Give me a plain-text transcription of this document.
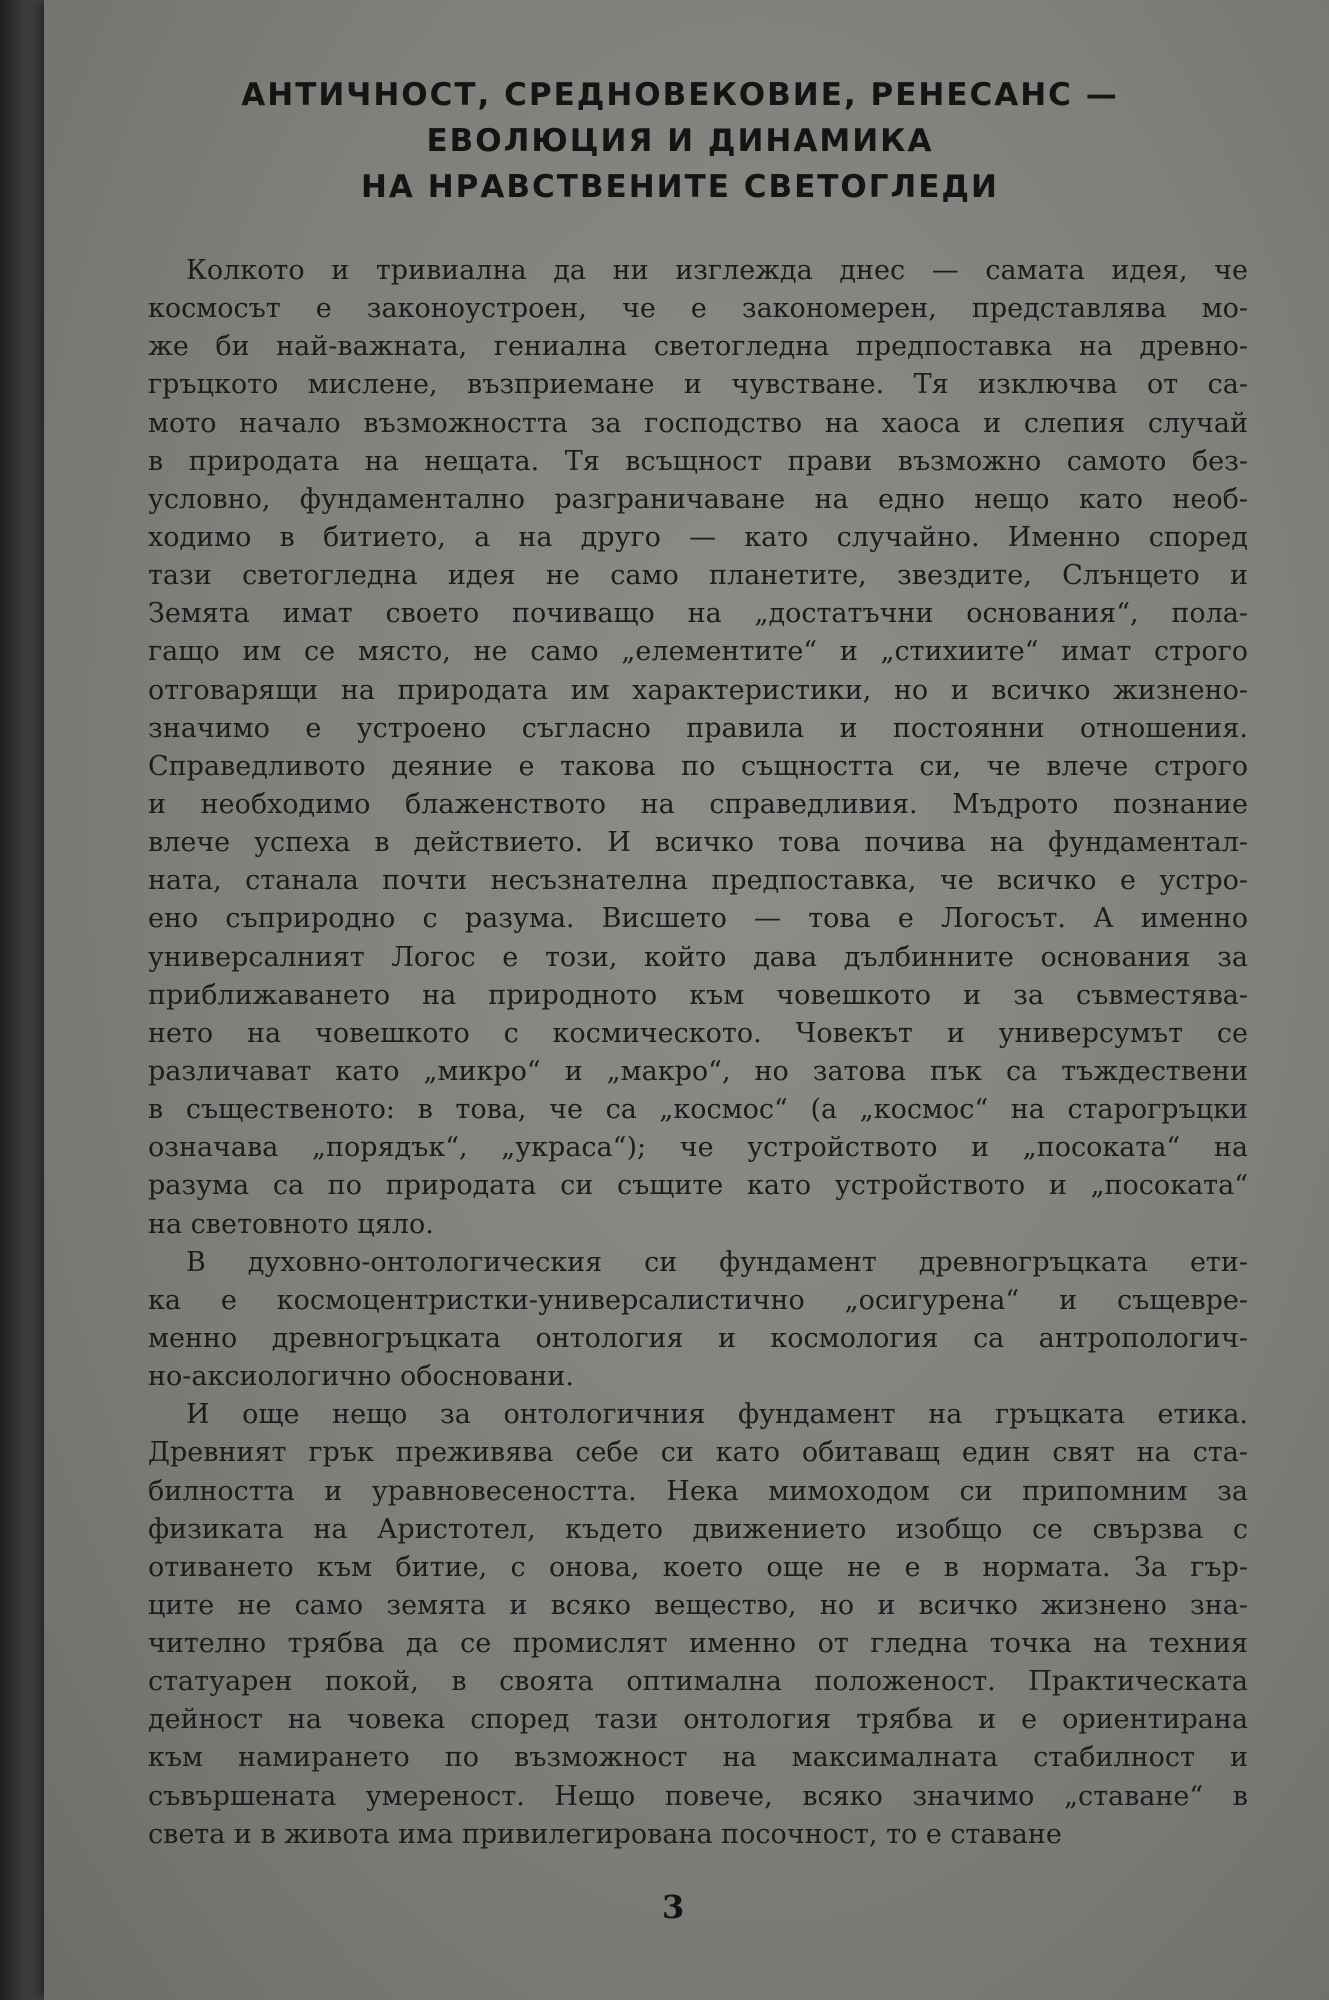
АНТИЧНОСТ, СРЕДНОВЕКОВИЕ, РЕНЕСАНС —
ЕВОЛЮЦИЯ И ДИНАМИКА
НА НРАВСТВЕНИТЕ СВЕТОГЛЕДИ
Колкото и тривиална да ни изглежда днес — самата идея, че
космосът е законоустроен, че е закономерен, представлява мо-
же би най-важната, гениална светогледна предпоставка на древно-
гръцкото мислене, възприемане и чувстване. Тя изключва от са-
мото начало възможността за господство на хаоса и слепия случай
в природата на нещата. Тя всъщност прави възможно самото без-
условно, фундаментално разграничаване на едно нещо като необ-
ходимо в битието, а на друго — като случайно. Именно според
тази светогледна идея не само планетите, звездите, Слънцето и
Земята имат своето почиващо на „достатъчни основания“, пола-
гащо им се място, не само „елементите“ и „стихиите“ имат строго
отговарящи на природата им характеристики, но и всичко жизнено-
значимо е устроено съгласно правила и постоянни отношения.
Справедливото деяние е такова по същността си, че влече строго
и необходимо блаженството на справедливия. Мъдрото познание
влече успеха в действието. И всичко това почива на фундаментал-
ната, станала почти несъзнателна предпоставка, че всичко е устро-
ено съприродно с разума. Висшето — това е Логосът. А именно
универсалният Логос е този, който дава дълбинните основания за
приближаването на природното към човешкото и за съвместява-
нето на човешкото с космическото. Човекът и универсумът се
различават като „микро“ и „макро“, но затова пък са тъждествени
в същественото: в това, че са „космос“ (а „космос“ на старогръцки
означава „порядък“, „украса“); че устройството и „посоката“ на
разума са по природата си същите като устройството и „посоката“
на световното цяло.
В духовно-онтологическия си фундамент древногръцката ети-
ка е космоцентристки-универсалистично „осигурена“ и същевре-
менно древногръцката онтология и космология са антропологич-
но-аксиологично обосновани.
И още нещо за онтологичния фундамент на гръцката етика.
Древният грък преживява себе си като обитаващ един свят на ста-
билността и уравновесеността. Нека мимоходом си припомним за
физиката на Аристотел, където движението изобщо се свързва с
отиването към битие, с онова, което още не е в нормата. За гър-
ците не само земята и всяко вещество, но и всичко жизнено зна-
чително трябва да се промислят именно от гледна точка на техния
статуарен покой, в своята оптимална положеност. Практическата
дейност на човека според тази онтология трябва и е ориентирана
към намирането по възможност на максималната стабилност и
съвършената умереност. Нещо повече, всяко значимо „ставане“ в
света и в живота има привилегирована посочност, то е ставане
3
